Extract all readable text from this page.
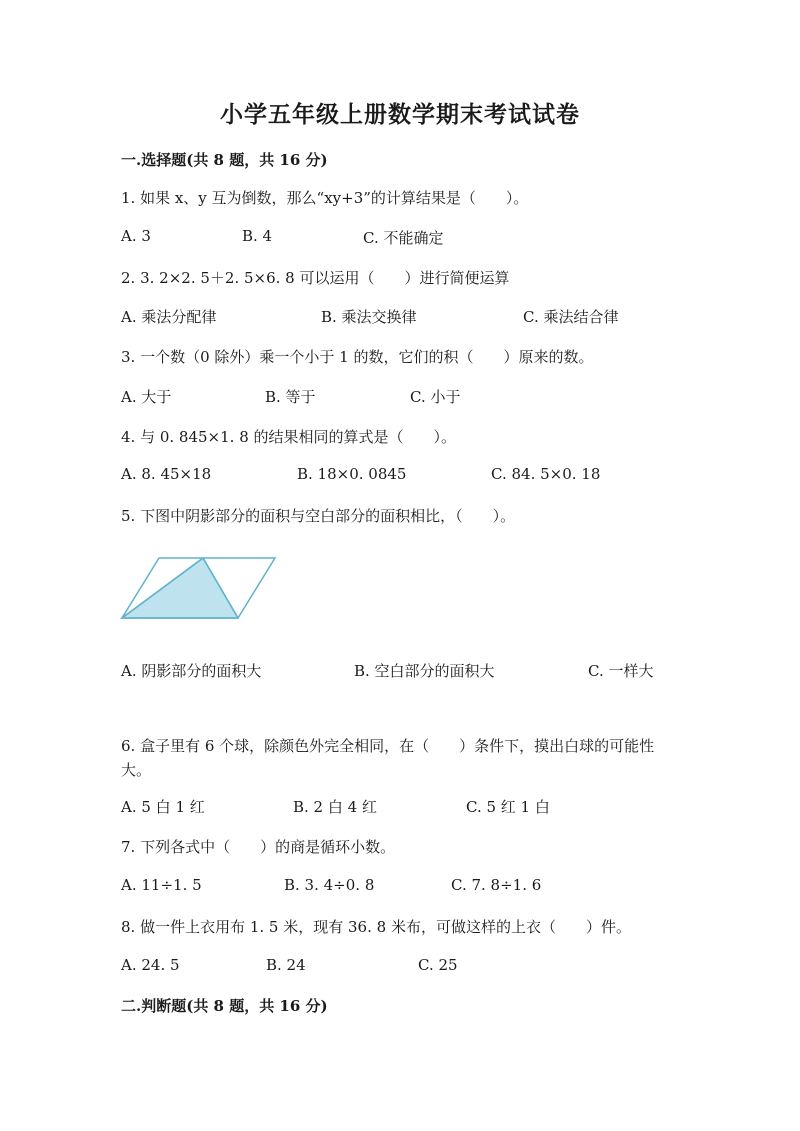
小学五年级上册数学期末考试试卷
一.选择题(共 8 题，共 16 分)
1. 如果 x、y 互为倒数，那么“xy+3”的计算结果是（　　）。
A. 3	B. 4	C. 不能确定
2. 3. 2×2. 5＋2. 5×6. 8 可以运用（　　）进行简便运算
A. 乘法分配律	B. 乘法交换律	C. 乘法结合律
3. 一个数（0 除外）乘一个小于 1 的数，它们的积（　　）原来的数。
A. 大于	B. 等于	C. 小于
4. 与 0. 845×1. 8 的结果相同的算式是（　　）。
A. 8. 45×18	B. 18×0. 0845	C. 84. 5×0. 18
5. 下图中阴影部分的面积与空白部分的面积相比，（　　）。
A. 阴影部分的面积大	B. 空白部分的面积大	C. 一样大
6. 盒子里有 6 个球，除颜色外完全相同，在（　　）条件下，摸出白球的可能性大。
A. 5 白 1 红	B. 2 白 4 红	C. 5 红 1 白
7. 下列各式中（　　）的商是循环小数。
A. 11÷1. 5	B. 3. 4÷0. 8	C. 7. 8÷1. 6
8. 做一件上衣用布 1. 5 米，现有 36. 8 米布，可做这样的上衣（　　）件。
A. 24. 5	B. 24	C. 25
二.判断题(共 8 题，共 16 分)
